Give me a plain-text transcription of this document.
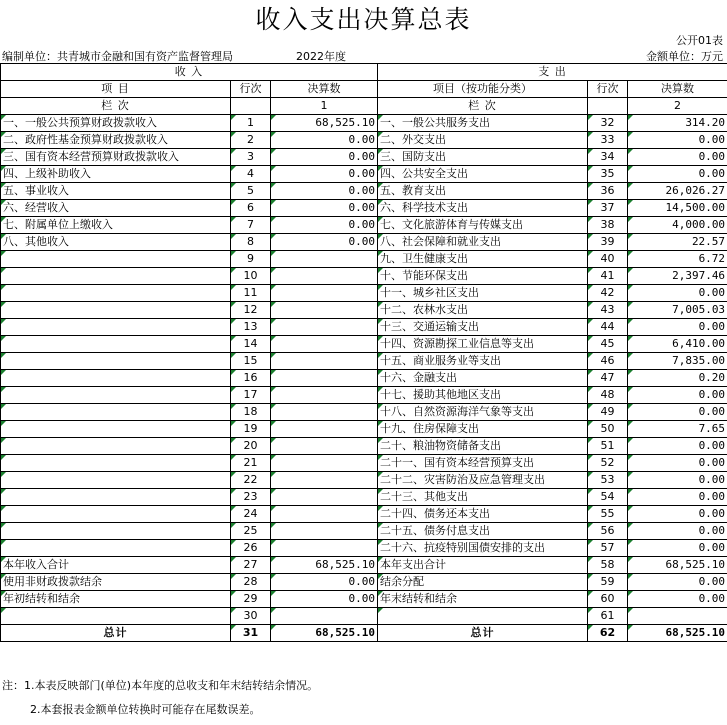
收入支出决算总表
公开01表
编制单位：共青城市金融和国有资产监督管理局	2022年度	金额单位：万元
收 入			支 出		
项 目	行次	决算数	项目（按功能分类）	行次	决算数
栏 次		1	栏 次		2
一、一般公共预算财政拨款收入	1	68,525.10	一、一般公共服务支出	32	314.20
二、政府性基金预算财政拨款收入	2	0.00	二、外交支出	33	0.00
三、国有资本经营预算财政拨款收入	3	0.00	三、国防支出	34	0.00
四、上级补助收入	4	0.00	四、公共安全支出	35	0.00
五、事业收入	5	0.00	五、教育支出	36	26,026.27
六、经营收入	6	0.00	六、科学技术支出	37	14,500.00
七、附属单位上缴收入	7	0.00	七、文化旅游体育与传媒支出	38	4,000.00
八、其他收入	8	0.00	八、社会保障和就业支出	39	22.57
	9		九、卫生健康支出	40	6.72
	10		十、节能环保支出	41	2,397.46
	11		十一、城乡社区支出	42	0.00
	12		十二、农林水支出	43	7,005.03
	13		十三、交通运输支出	44	0.00
	14		十四、资源勘探工业信息等支出	45	6,410.00
	15		十五、商业服务业等支出	46	7,835.00
	16		十六、金融支出	47	0.20
	17		十七、援助其他地区支出	48	0.00
	18		十八、自然资源海洋气象等支出	49	0.00
	19		十九、住房保障支出	50	7.65
	20		二十、粮油物资储备支出	51	0.00
	21		二十一、国有资本经营预算支出	52	0.00
	22		二十二、灾害防治及应急管理支出	53	0.00
	23		二十三、其他支出	54	0.00
	24		二十四、债务还本支出	55	0.00
	25		二十五、债务付息支出	56	0.00
	26		二十六、抗疫特别国债安排的支出	57	0.00
本年收入合计	27	68,525.10	本年支出合计	58	68,525.10
使用非财政拨款结余	28	0.00	结余分配	59	0.00
年初结转和结余	29	0.00	年末结转和结余	60	0.00
	30			61	
总计	31	68,525.10	总计	62	68,525.10
注：1.本表反映部门(单位)本年度的总收支和年末结转结余情况。
2.本套报表金额单位转换时可能存在尾数误差。
